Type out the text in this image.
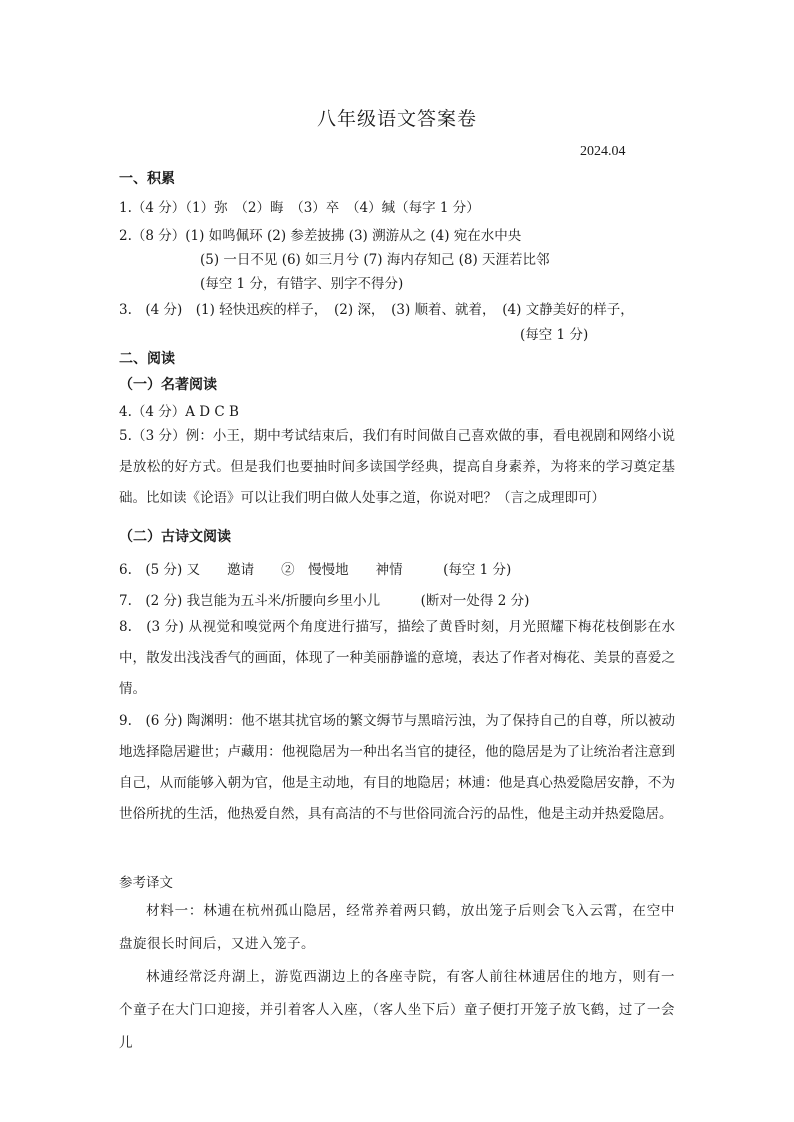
八年级语文答案卷
2024.04
一、积累
1.（4 分）（1）弥　（2）晦　（3）卒　（4）缄（每字 1 分）
2.（8 分）(1) 如鸣佩环 (2) 参差披拂 (3) 溯游从之 (4) 宛在水中央
(5) 一日不见 (6) 如三月兮 (7) 海内存知己 (8) 天涯若比邻
(每空 1 分，有错字、别字不得分)
3.　(4 分)　(1) 轻快迅疾的样子，　(2) 深，　(3) 顺着、就着，　(4) 文静美好的样子，
(每空 1 分)
二、阅读
（一）名著阅读
4.（4 分）A D C B
5.（3 分）例：小王，期中考试结束后，我们有时间做自己喜欢做的事，看电视剧和网络小说是放松的好方式。但是我们也要抽时间多读国学经典，提高自身素养，为将来的学习奠定基础。比如读《论语》可以让我们明白做人处事之道，你说对吧？（言之成理即可）
（二）古诗文阅读
6.　(5 分) 又　　邀请　　②　慢慢地　　神情　　　(每空 1 分)
7.　(2 分) 我岂能为五斗米/折腰向乡里小儿　　　(断对一处得 2 分)
8.　(3 分) 从视觉和嗅觉两个角度进行描写，描绘了黄昏时刻，月光照耀下梅花枝倒影在水中，散发出浅浅香气的画面，体现了一种美丽静谧的意境，表达了作者对梅花、美景的喜爱之情。
9.　(6 分) 陶渊明：他不堪其扰官场的繁文缛节与黑暗污浊，为了保持自己的自尊，所以被动地选择隐居避世；卢藏用：他视隐居为一种出名当官的捷径，他的隐居是为了让统治者注意到自己，从而能够入朝为官，他是主动地，有目的地隐居；林逋：他是真心热爱隐居安静，不为世俗所扰的生活，他热爱自然，具有高洁的不与世俗同流合污的品性，他是主动并热爱隐居。
参考译文
材料一：林逋在杭州孤山隐居，经常养着两只鹤，放出笼子后则会飞入云霄，在空中盘旋很长时间后，又进入笼子。
林逋经常泛舟湖上，游览西湖边上的各座寺院，有客人前往林逋居住的地方，则有一个童子在大门口迎接，并引着客人入座，（客人坐下后）童子便打开笼子放飞鹤，过了一会儿
